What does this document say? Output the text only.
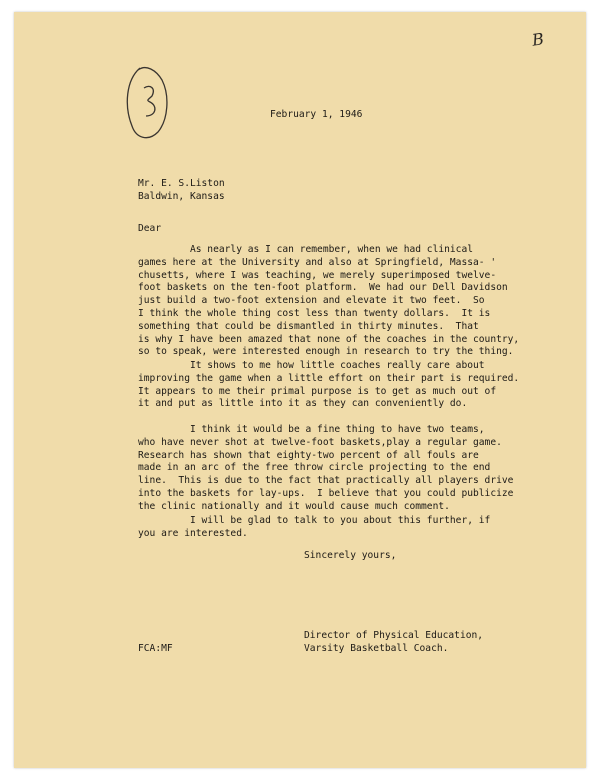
3
B
February 1, 1946
Mr. E. S.Liston
Baldwin, Kansas
Dear
As nearly as I can remember, when we had clinical
games here at the University and also at Springfield, Massa- '
chusetts, where I was teaching, we merely superimposed twelve-
foot baskets on the ten-foot platform.  We had our Dell Davidson
just build a two-foot extension and elevate it two feet.  So
I think the whole thing cost less than twenty dollars.  It is
something that could be dismantled in thirty minutes.  That
is why I have been amazed that none of the coaches in the country,
so to speak, were interested enough in research to try the thing.
It shows to me how little coaches really care about
improving the game when a little effort on their part is required.
It appears to me their primal purpose is to get as much out of
it and put as little into it as they can conveniently do.
I think it would be a fine thing to have two teams,
who have never shot at twelve-foot baskets,play a regular game.
Research has shown that eighty-two percent of all fouls are
made in an arc of the free throw circle projecting to the end
line.  This is due to the fact that practically all players drive
into the baskets for lay-ups.  I believe that you could publicize
the clinic nationally and it would cause much comment.
I will be glad to talk to you about this further, if
you are interested.
Sincerely yours,
Director of Physical Education,
Varsity Basketball Coach.
FCA:MF
